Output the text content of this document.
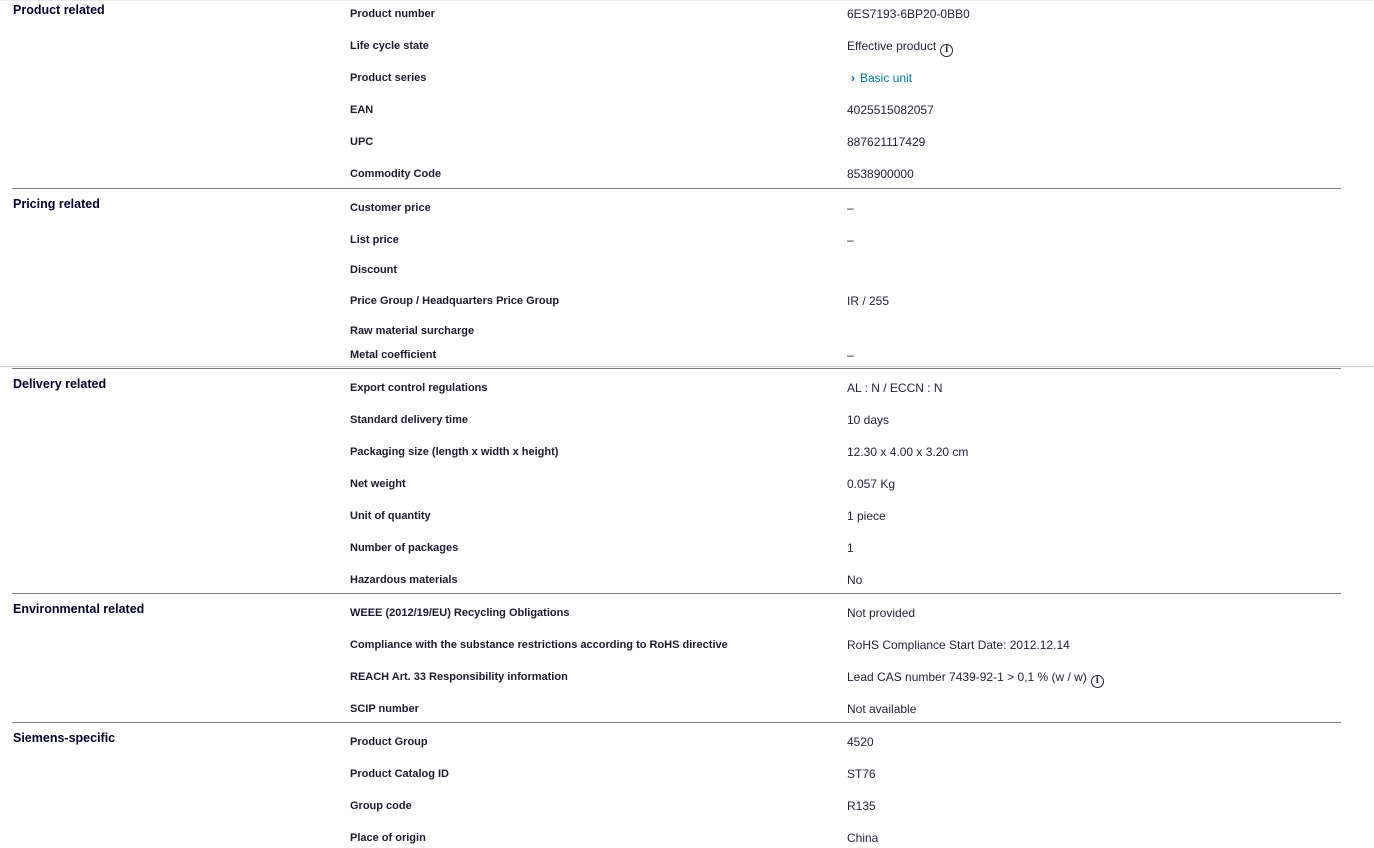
Product related	Product number	6ES7193-6BP20-0BB0
Life cycle state	Effective product i
Product series	› Basic unit
EAN	4025515082057
UPC	887621117429
Commodity Code	8538900000
Pricing related	Customer price	–
List price	–
Discount
Price Group / Headquarters Price Group	IR / 255
Raw material surcharge
Metal coefficient	–
Delivery related	Export control regulations	AL : N / ECCN : N
Standard delivery time	10 days
Packaging size (length x width x height)	12.30 x 4.00 x 3.20 cm
Net weight	0.057 Kg
Unit of quantity	1 piece
Number of packages	1
Hazardous materials	No
Environmental related	WEEE (2012/19/EU) Recycling Obligations	Not provided
Compliance with the substance restrictions according to RoHS directive	RoHS Compliance Start Date: 2012.12.14
REACH Art. 33 Responsibility information	Lead CAS number 7439-92-1 > 0,1 % (w / w) i
SCIP number	Not available
Siemens-specific	Product Group	4520
Product Catalog ID	ST76
Group code	R135
Place of origin	China
